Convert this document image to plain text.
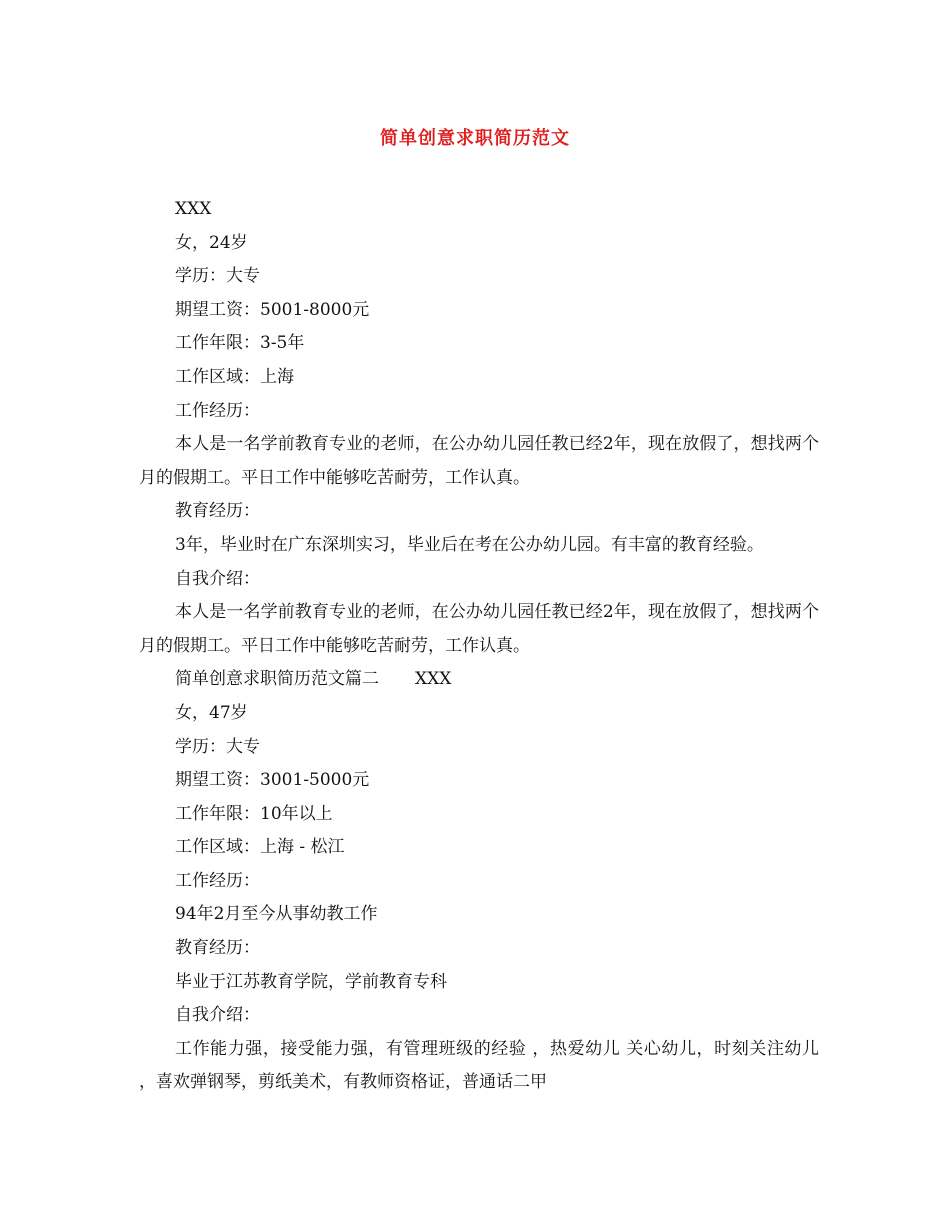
简单创意求职简历范文
XXX
女，24岁
学历：大专
期望工资：5001-8000元
工作年限：3-5年
工作区域：上海
工作经历：
本人是一名学前教育专业的老师，在公办幼儿园任教已经2年，现在放假了，想找两个月的假期工。平日工作中能够吃苦耐劳，工作认真。
教育经历：
3年，毕业时在广东深圳实习，毕业后在考在公办幼儿园。有丰富的教育经验。
自我介绍：
本人是一名学前教育专业的老师，在公办幼儿园任教已经2年，现在放假了，想找两个月的假期工。平日工作中能够吃苦耐劳，工作认真。
简单创意求职简历范文篇二 XXX
女，47岁
学历：大专
期望工资：3001-5000元
工作年限：10年以上
工作区域：上海 - 松江
工作经历：
94年2月至今从事幼教工作
教育经历：
毕业于江苏教育学院，学前教育专科
自我介绍：
工作能力强，接受能力强，有管理班级的经验 ，热爱幼儿 关心幼儿，时刻关注幼儿 ，喜欢弹钢琴，剪纸美术，有教师资格证，普通话二甲
